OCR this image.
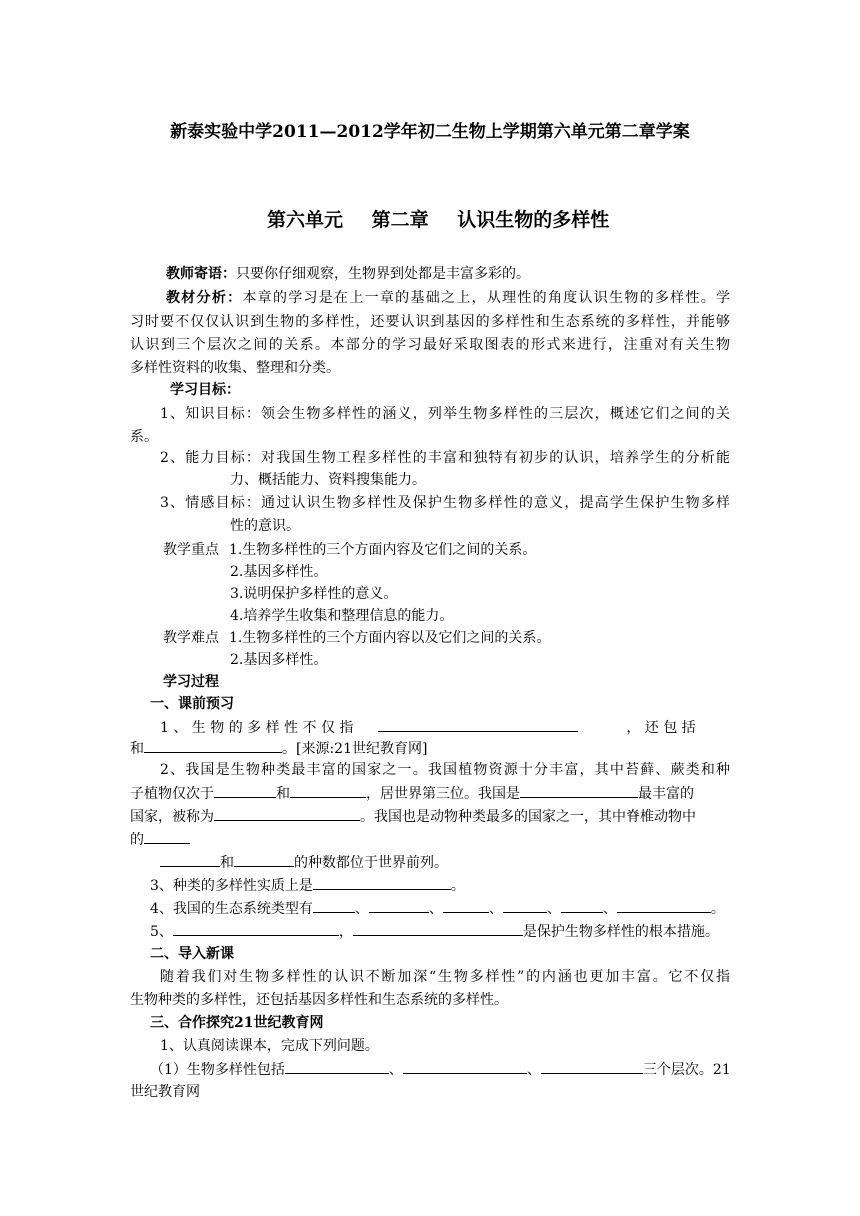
新泰实验中学2011—2012学年初二生物上学期第六单元第二章学案
第六单元 第二章 认识生物的多样性
教师寄语：只要你仔细观察，生物界到处都是丰富多彩的。
教材分析：本章的学习是在上一章的基础之上，从理性的角度认识生物的多样性。学
习时要不仅仅认识到生物的多样性，还要认识到基因的多样性和生态系统的多样性，并能够
认识到三个层次之间的关系。本部分的学习最好采取图表的形式来进行，注重对有关生物
多样性资料的收集、整理和分类。
学习目标：
1、知识目标：领会生物多样性的涵义，列举生物多样性的三层次，概述它们之间的关
系。
2、能力目标：对我国生物工程多样性的丰富和独特有初步的认识，培养学生的分析能
力、概括能力、资料搜集能力。
3、情感目标：通过认识生物多样性及保护生物多样性的意义，提高学生保护生物多样
性的意识。
教学重点 1.生物多样性的三个方面内容及它们之间的关系。
2.基因多样性。
3.说明保护多样性的意义。
4.培养学生收集和整理信息的能力。
教学难点 1.生物多样性的三个方面内容以及它们之间的关系。
2.基因多样性。
学习过程
一、课前预习
1 、 生 物 的 多 样 性 不 仅 指	， 还 包 括
和	。[来源:21世纪教育网]
2、我国是生物种类最丰富的国家之一。我国植物资源十分丰富，其中苔藓、蕨类和种
子植物仅次于	和	，居世界第三位。我国是	最丰富的
国家，被称为	。我国也是动物种类最多的国家之一，其中脊椎动物中
的
和	的种数都位于世界前列。
3、种类的多样性实质上是	。
4、我国的生态系统类型有	、	、	、	、	、	。
5、	，	是保护生物多样性的根本措施。
二、导入新课
随着我们对生物多样性的认识不断加深“生物多样性”的内涵也更加丰富。它不仅指
生物种类的多样性，还包括基因多样性和生态系统的多样性。
三、合作探究21世纪教育网
1、认真阅读课本，完成下列问题。
（1）生物多样性包括	、	、	三个层次。21
世纪教育网
